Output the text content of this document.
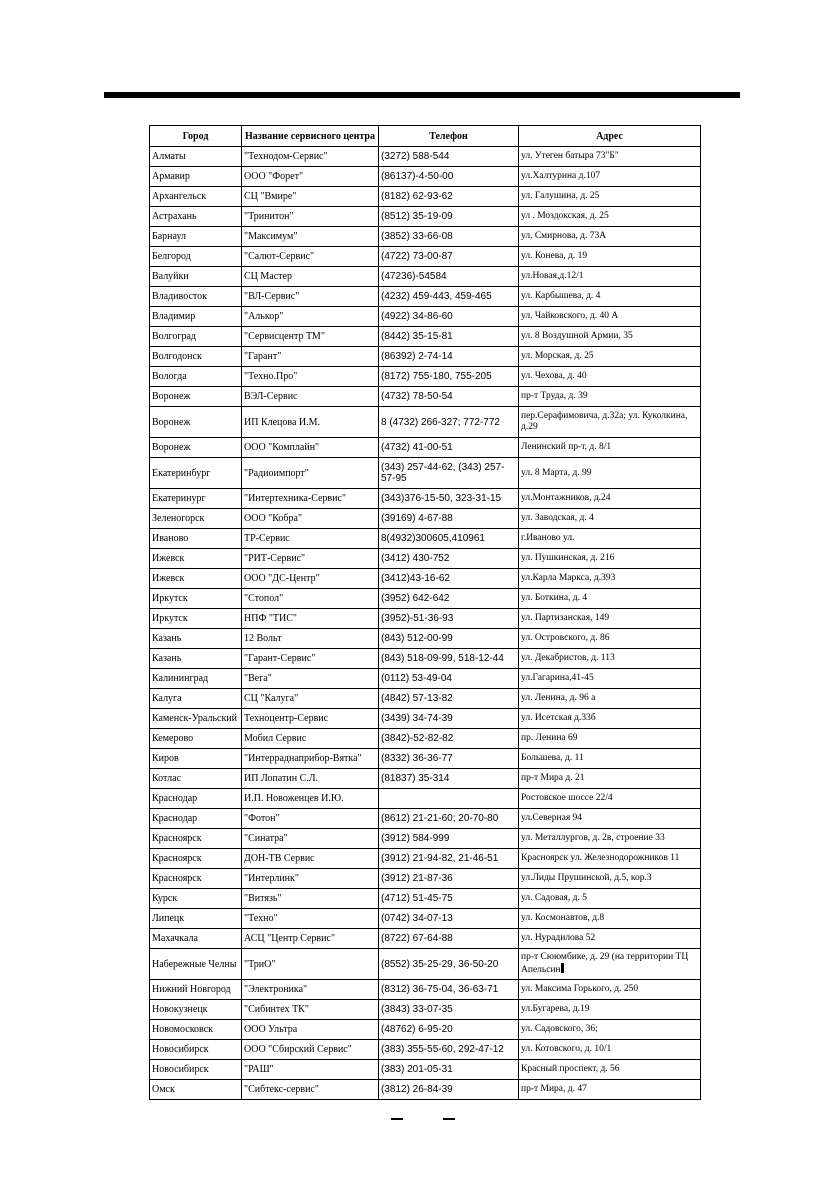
Город	Название сервисного центра	Телефон	Адрес
Алматы	"Технодом-Сервис"	(3272) 588-544	ул. Утеген батыра 73"Б"
Армавир	ООО "Форет"	(86137)-4-50-00	ул.Халтурина д.107
Архангельск	СЦ "Вмире"	(8182) 62-93-62	ул. Галушина, д. 25
Астрахань	"Тринитон"	(8512) 35-19-09	ул . Моздокская, д. 25
Барнаул	"Максимум"	(3852) 33-66-08	ул. Смирнова, д. 73А
Белгород	"Салют-Сервис"	(4722) 73-00-87	ул. Конева, д. 19
Валуйки	СЦ Мастер	(47236)-54584	ул.Новая,д.12/1
Владивосток	"ВЛ-Сервис"	(4232) 459-443, 459-465	ул. Карбышева, д. 4
Владимир	"Алькор"	(4922) 34-86-60	ул. Чайковского, д. 40 А
Волгоград	"Сервисцентр ТМ"	(8442) 35-15-81	ул. 8 Воздушной Армии, 35
Волгодонск	"Гарант"	(86392) 2-74-14	ул. Морская, д. 25
Вологда	"Техно.Про"	(8172) 755-180, 755-205	ул. Чехова, д. 40
Воронеж	ВЭЛ-Сервис	(4732) 78-50-54	пр-т Труда, д. 39
Воронеж	ИП Клецова И.М.	8 (4732) 266-327; 772-772	пер.Серафимовича, д.32а; ул. Куколкина, д.29
Воронеж	ООО "Комплайн"	(4732) 41-00-51	Ленинский пр-т, д. 8/1
Екатеринбург	"Радиоимпорт"	(343) 257-44-62, (343) 257-57-95	ул. 8 Марта, д. 99
Екатеринург	"Интертехника-Сервис"	(343)376-15-50, 323-31-15	ул.Монтажников, д.24
Зеленогорск	ООО "Кобра"	(39169) 4-67-88	ул. Заводская, д. 4
Иваново	ТР-Сервис	8(4932)300605,410961	г.Иваново ул.
Ижевск	"РИТ-Сервис"	(3412) 430-752	ул. Пушкинская, д. 216
Ижевск	ООО "ДС-Центр"	(3412)43-16-62	ул.Карла Маркса, д.393
Иркутск	"Стопол"	(3952) 642-642	ул. Боткина, д. 4
Иркутск	НПФ "ТИС"	(3952)-51-36-93	ул. Партизанская, 149
Казань	12 Вольт	(843) 512-00-99	ул. Островского, д. 86
Казань	"Гарант-Сервис"	(843) 518-09-99, 518-12-44	ул. Декабристов, д. 113
Калининград	"Вега"	(0112) 53-49-04	ул.Гагарина,41-45
Калуга	СЦ "Калуга"	(4842) 57-13-82	ул. Ленина, д. 96 а
Каменск-Уральский	Техноцентр-Сервис	(3439) 34-74-39	ул. Исетская д.33б
Кемерово	Мобил Сервис	(3842)-52-82-82	пр. Ленина 69
Киров	"Интерраднаприбор-Вятка"	(8332) 36-36-77	Большева, д. 11
Котлас	ИП Лопатин С.Л.	(81837) 35-314	пр-т Мира д. 21
Краснодар	И.П. Новоженцев И.Ю.		Ростовское шоссе 22/4
Краснодар	"Фотон"	(8612) 21-21-60; 20-70-80	ул.Северная 94
Красноярск	"Синатра"	(3912) 584-999	ул. Металлургов, д. 2в, строение 33
Красноярск	ДОН-ТВ Сервис	(3912) 21-94-82, 21-46-51	Красноярск ул. Железнодорожников 11
Красноярск	"Интерлинк"	(3912) 21-87-36	ул.Лиды Прушинской, д.5, кор.3
Курск	"Витязь"	(4712) 51-45-75	ул. Садовая, д. 5
Липецк	"Техно"	(0742) 34-07-13	ул. Космонавтов, д.8
Махачкала	АСЦ "Центр Сервис"	(8722) 67-64-88	ул. Нурадилова 52
Набережные Челны	"ТриО"	(8552) 35-25-29, 36-50-20	пр-т Сююмбике, д. 29 (на территории ТЦ Апельсин
Нижний Новгород	"Электроника"	(8312) 36-75-04, 36-63-71	ул. Максима Горького, д. 250
Новокузнецк	"Сибинтех ТК"	(3843) 33-07-35	ул.Бугарева, д.19
Новомосковск	ООО Ультра	(48762) 6-95-20	ул. Садовского, 36;
Новосибирск	ООО "Сбирский Сервис"	(383) 355-55-60, 292-47-12	ул. Котовского, д. 10/1
Новосибирск	"РАШ"	(383) 201-05-31	Красный проспект, д. 56
Омск	"Сибтекс-сервис"	(3812) 26-84-39	пр-т Мира, д. 47
